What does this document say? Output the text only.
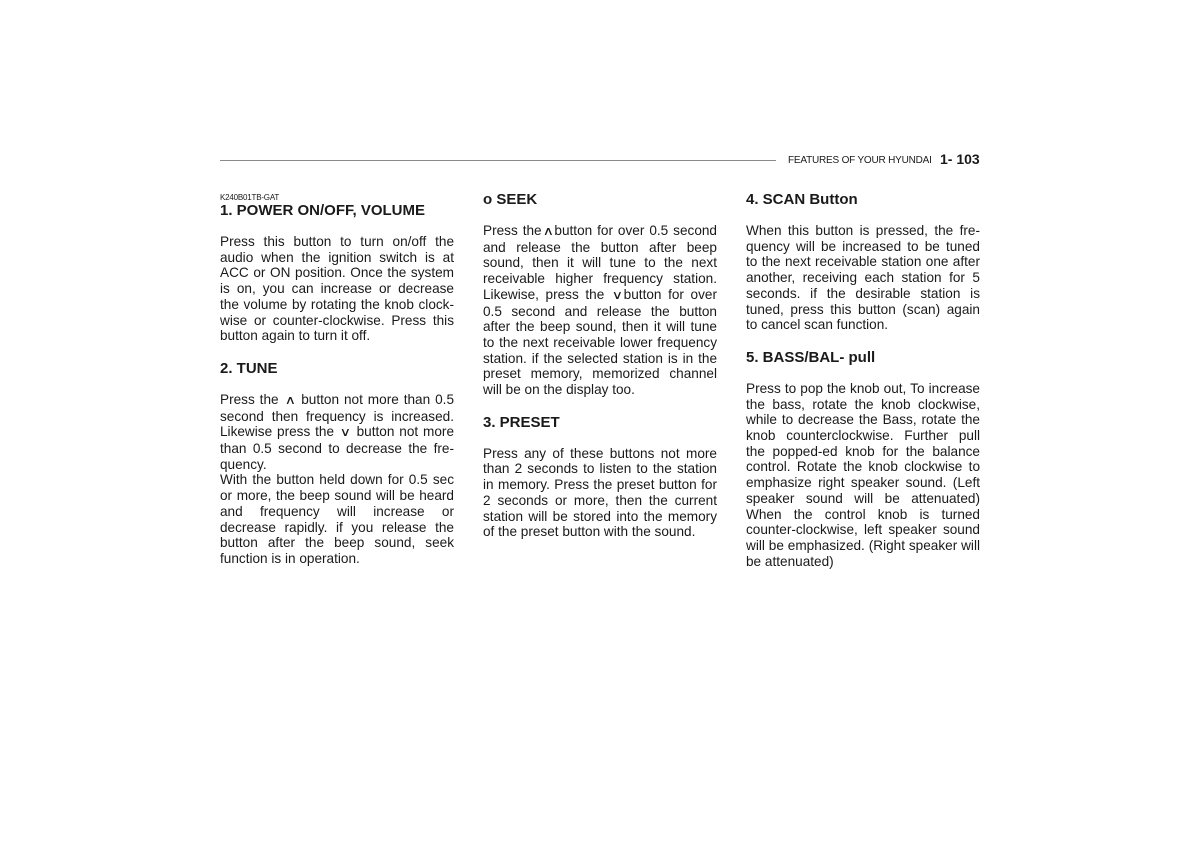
FEATURES OF YOUR HYUNDAI 1- 103

K240B01TB-GAT

1. POWER ON/OFF, VOLUME

Press this button to turn on/off the audio when the ignition switch is at ACC or ON position. Once the system is on, you can increase or decrease the volume by rotating the knob clock-wise or counter-clockwise. Press this button again to turn it off.

2. TUNE

Press the ∧ button not more than 0.5 second then frequency is increased. Likewise press the ∨ button not more than 0.5 second to decrease the fre-quency.

With the button held down for 0.5 sec or more, the beep sound will be heard and frequency will increase or decrease rapidly. if you release the button after the beep sound, seek function is in operation.

o SEEK

Press the∧button for over 0.5 second and release the button after beep sound, then it will tune to the next receivable higher frequency station. Likewise, press the ∨button for over 0.5 second and release the button after the beep sound, then it will tune to the next receivable lower frequency station. if the selected station is in the preset memory, memorized channel will be on the display too.

3. PRESET

Press any of these buttons not more than 2 seconds to listen to the station in memory. Press the preset button for 2 seconds or more, then the current station will be stored into the memory of the preset button with the sound.

4. SCAN Button

When this button is pressed, the fre-quency will be increased to be tuned to the next receivable station one after another, receiving each station for 5 seconds. if the desirable station is tuned, press this button (scan) again to cancel scan function.

5. BASS/BAL- pull

Press to pop the knob out, To increase the bass, rotate the knob clockwise, while to decrease the Bass, rotate the knob counterclockwise. Further pull the popped-ed knob for the balance control. Rotate the knob clockwise to emphasize right speaker sound. (Left speaker sound will be attenuated) When the control knob is turned counter-clockwise, left speaker sound will be emphasized. (Right speaker will be attenuated)
